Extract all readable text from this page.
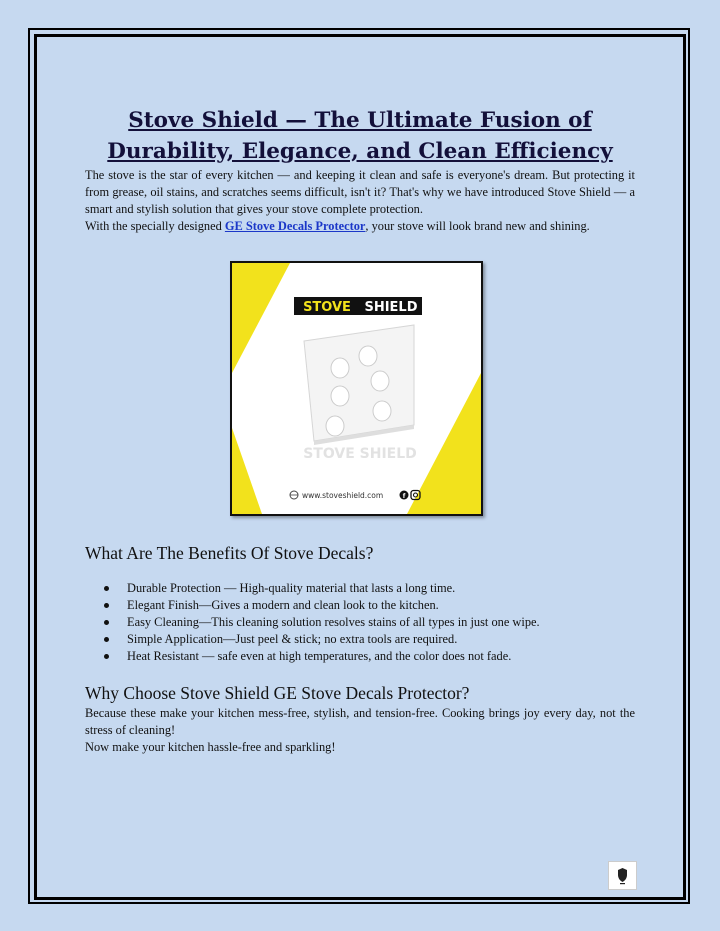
Stove Shield — The Ultimate Fusion of Durability, Elegance, and Clean Efficiency

The stove is the star of every kitchen — and keeping it clean and safe is everyone's dream. But protecting it from grease, oil stains, and scratches seems difficult, isn't it? That's why we have introduced Stove Shield — a smart and stylish solution that gives your stove complete protection.

With the specially designed GE Stove Decals Protector, your stove will look brand new and shining.

STOVE SHIELD
STOVE SHIELD
www.stoveshield.com	f
What Are The Benefits Of Stove Decals?
Durable Protection — High-quality material that lasts a long time.
Elegant Finish—Gives a modern and clean look to the kitchen.
Easy Cleaning—This cleaning solution resolves stains of all types in just one wipe.
Simple Application—Just peel & stick; no extra tools are required.
Heat Resistant — safe even at high temperatures, and the color does not fade.
Why Choose Stove Shield GE Stove Decals Protector?

Because these make your kitchen mess-free, stylish, and tension-free. Cooking brings joy every day, not the stress of cleaning!

Now make your kitchen hassle-free and sparkling!
